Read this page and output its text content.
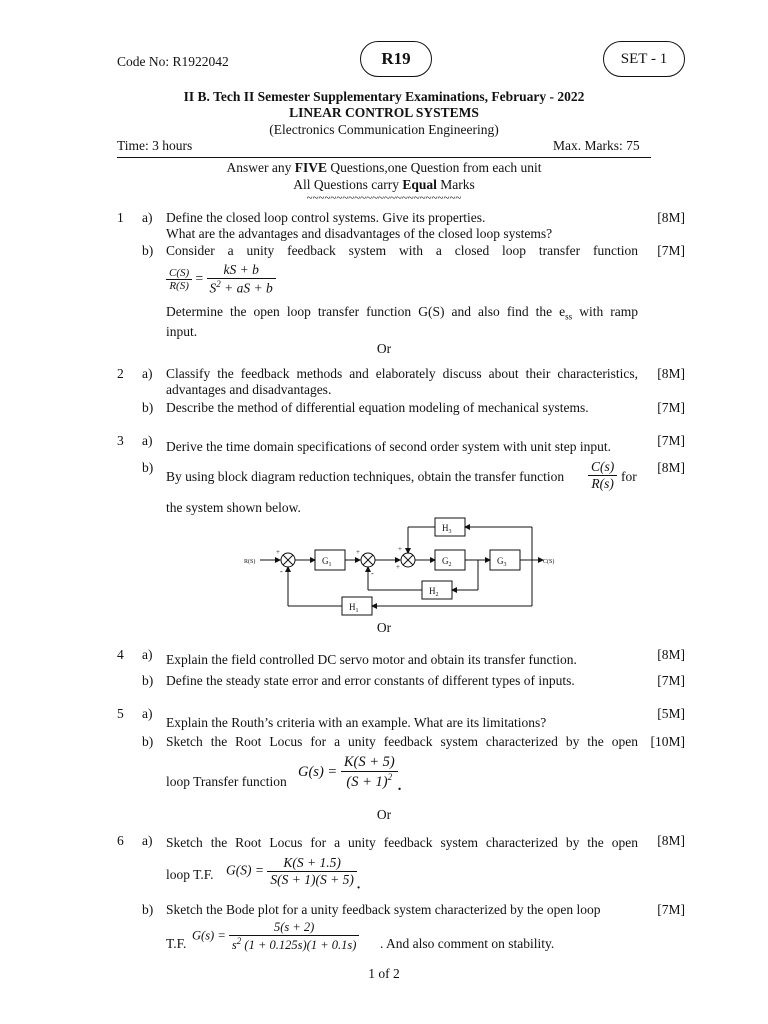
Code No: R1922042	R19	SET - 1
II B. Tech II Semester Supplementary Examinations, February - 2022
LINEAR CONTROL SYSTEMS
(Electronics Communication Engineering)
Time: 3 hours	Max. Marks: 75
Answer any FIVE Questions,one Question from each unit
All Questions carry Equal Marks
~~~~~~~~~~~~~~~~~~~~~~~~~~
1 a) Define the closed loop control systems. Give its properties.
What are the advantages and disadvantages of the closed loop systems?
[8M]
b) Consider a unity feedback system with a closed loop transfer function	[7M]
$\frac{C(S)}{R(S)} = \frac{kS + b}{S^2 + aS + b}$
Determine the open loop transfer function G(S) and also find the $e_{ss}$ with ramp
input.
Or
2 a) Classify the feedback methods and elaborately discuss about their characteristics,
advantages and disadvantages.
[8M]
b) Describe the method of differential equation modeling of mechanical systems.	[7M]
3 a) Derive the time domain specifications of second order system with unit step input.	[7M]
b)
By using block diagram reduction techniques, obtain the transfer function $\frac{C(s)}{R(s)}$ for
[8M]
the system shown below.
R(S)	C(S)
$G_1$	$G_2$	$G_3$
$H_3$
$H_2$
$H_1$
+
-
+
-
+
+
Or
4 a) Explain the field controlled DC servo motor and obtain its transfer function.	[8M]
b) Define the steady state error and error constants of different types of inputs.	[7M]
5 a)
Explain the Routh’s criteria with an example. What are its limitations?
[5M]
b) Sketch the Root Locus for a unity feedback system characterized by the open [10M]
loop Transfer function
$G(s) = \frac{K(S + 5)}{(S + 1)^2}$ .
Or
6 a) Sketch the Root Locus for a unity feedback system characterized by the open	[8M]
loop T.F. $G(S) = \frac{K(S + 1.5)}{S(S + 1)(S + 5)}$ .
b) Sketch the Bode plot for a unity feedback system characterized by the open loop	[7M]
T.F.
$G(s) = \frac{5(s + 2)}{s^2 (1 + 0.125s)(1 + 0.1s)}$ . And also comment on stability.
1 of 2
